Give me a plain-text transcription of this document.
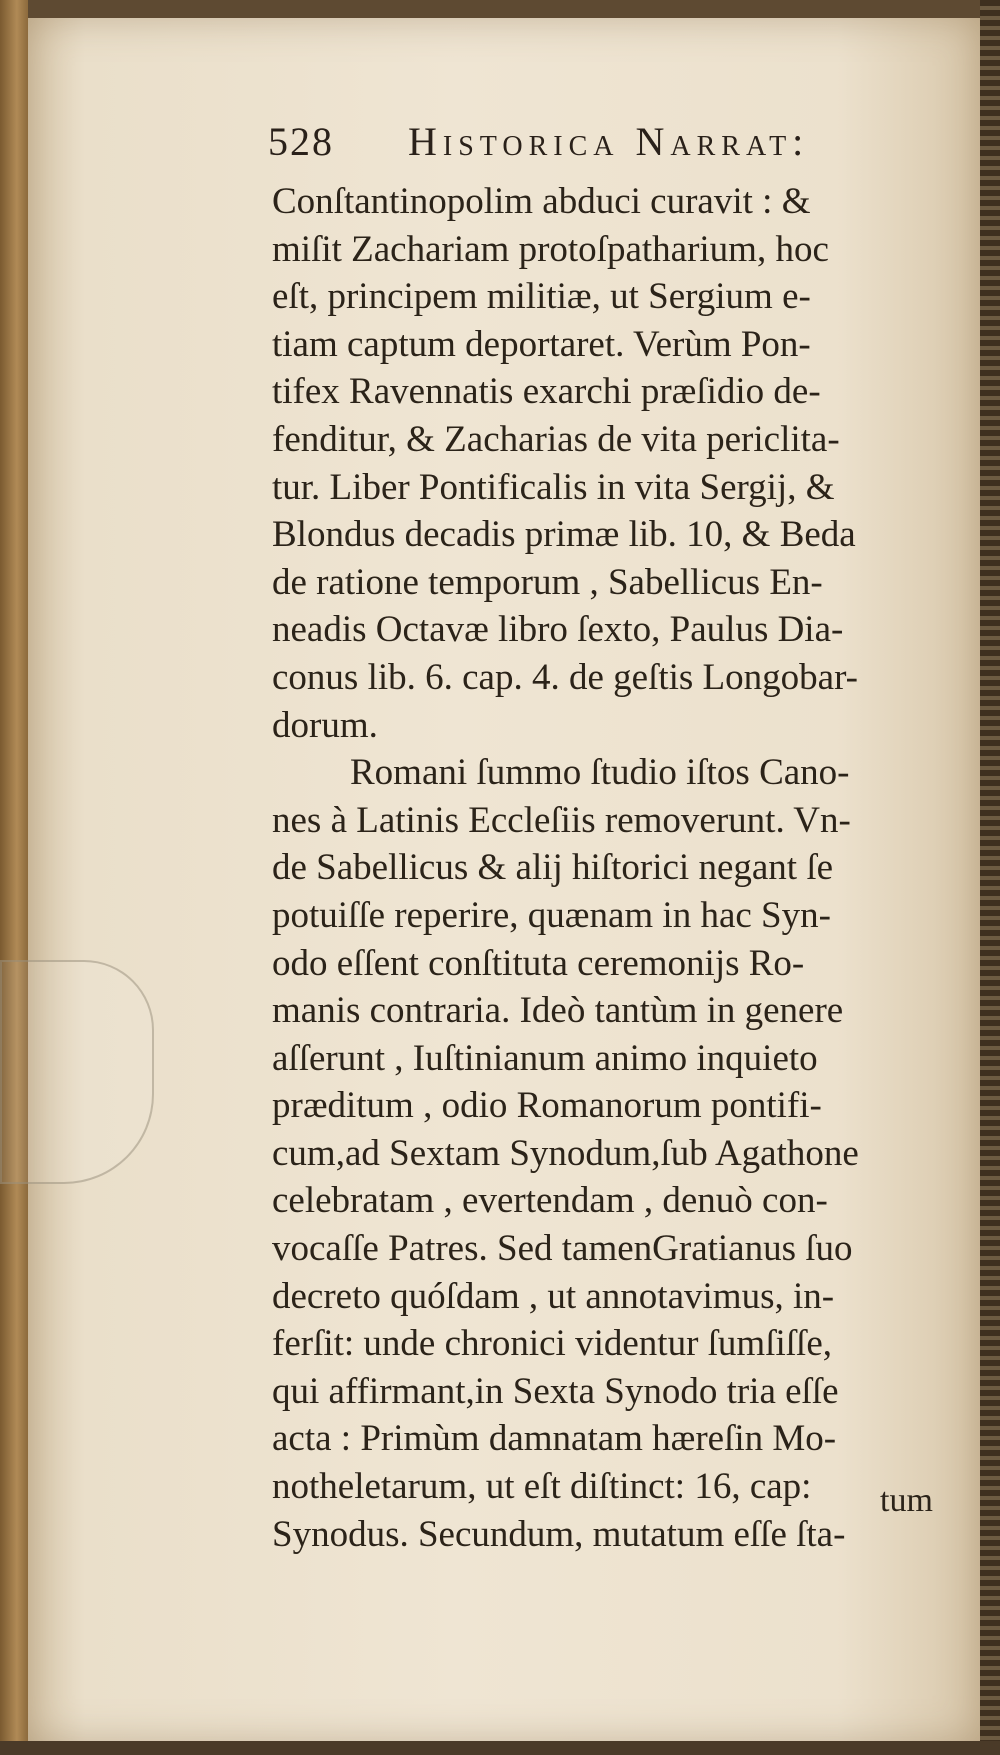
528 Historica Narrat:
Conſtantinopolim abduci curavit : &
miſit Zachariam protoſpatharium, hoc
eſt, principem militiæ, ut Sergium e-
tiam captum deportaret. Verùm Pon-
tifex Ravennatis exarchi præſidio de-
fenditur, & Zacharias de vita periclita-
tur. Liber Pontificalis in vita Sergij, &
Blondus decadis primæ lib. 10, & Beda
de ratione temporum , Sabellicus En-
neadis Octavæ libro ſexto, Paulus Dia-
conus lib. 6. cap. 4. de geſtis Longobar-
dorum.
Romani ſummo ſtudio iſtos Cano-
nes à Latinis Eccleſiis removerunt. Vn-
de Sabellicus & alij hiſtorici negant ſe
potuiſſe reperire, quænam in hac Syn-
odo eſſent conſtituta ceremonijs Ro-
manis contraria. Ideò tantùm in genere
aſſerunt , Iuſtinianum animo inquieto
præditum , odio Romanorum pontifi-
cum,ad Sextam Synodum,ſub Agathone
celebratam , evertendam , denuò con-
vocaſſe Patres. Sed tamenGratianus ſuo
decreto quóſdam , ut annotavimus, in-
ferſit: unde chronici videntur ſumſiſſe,
qui affirmant,in Sexta Synodo tria eſſe
acta : Primùm damnatam hæreſin Mo-
notheletarum, ut eſt diſtinct: 16, cap:
Synodus. Secundum, mutatum eſſe ſta-
tum
